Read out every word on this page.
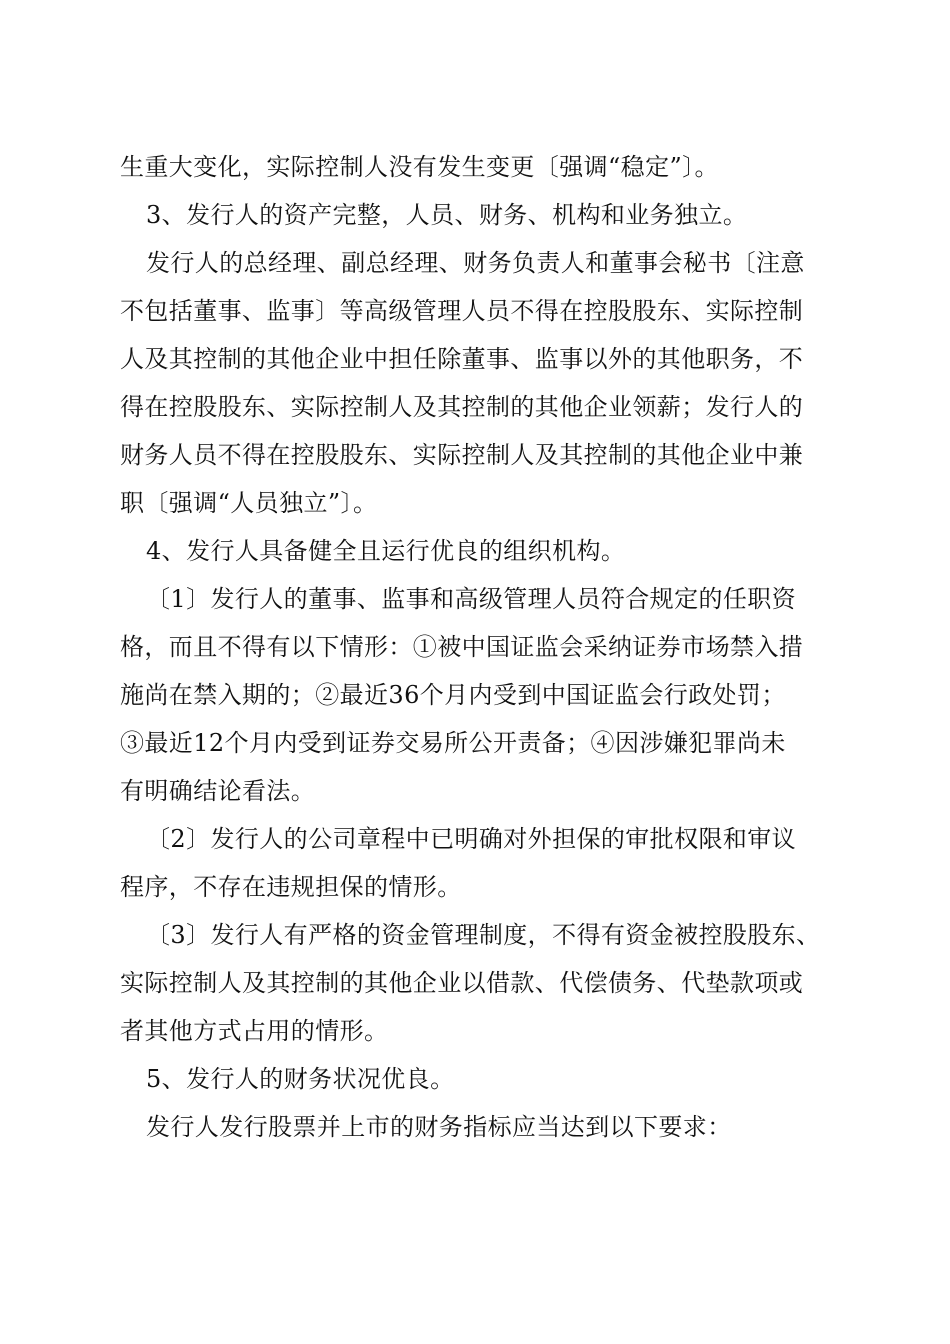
生重大变化，实际控制人没有发生变更〔强调“稳定”〕。
3、发行人的资产完整，人员、财务、机构和业务独立。
发行人的总经理、副总经理、财务负责人和董事会秘书〔注意
不包括董事、监事〕等高级管理人员不得在控股股东、实际控制
人及其控制的其他企业中担任除董事、监事以外的其他职务，不
得在控股股东、实际控制人及其控制的其他企业领薪；发行人的
财务人员不得在控股股东、实际控制人及其控制的其他企业中兼
职〔强调“人员独立”〕。
4、发行人具备健全且运行优良的组织机构。
〔1〕发行人的董事、监事和高级管理人员符合规定的任职资
格，而且不得有以下情形：①被中国证监会采纳证券市场禁入措
施尚在禁入期的；②最近36个月内受到中国证监会行政处罚；
③最近12个月内受到证券交易所公开责备；④因涉嫌犯罪尚未
有明确结论看法。
〔2〕发行人的公司章程中已明确对外担保的审批权限和审议
程序，不存在违规担保的情形。
〔3〕发行人有严格的资金管理制度，不得有资金被控股股东、
实际控制人及其控制的其他企业以借款、代偿债务、代垫款项或
者其他方式占用的情形。
5、发行人的财务状况优良。
发行人发行股票并上市的财务指标应当达到以下要求：
